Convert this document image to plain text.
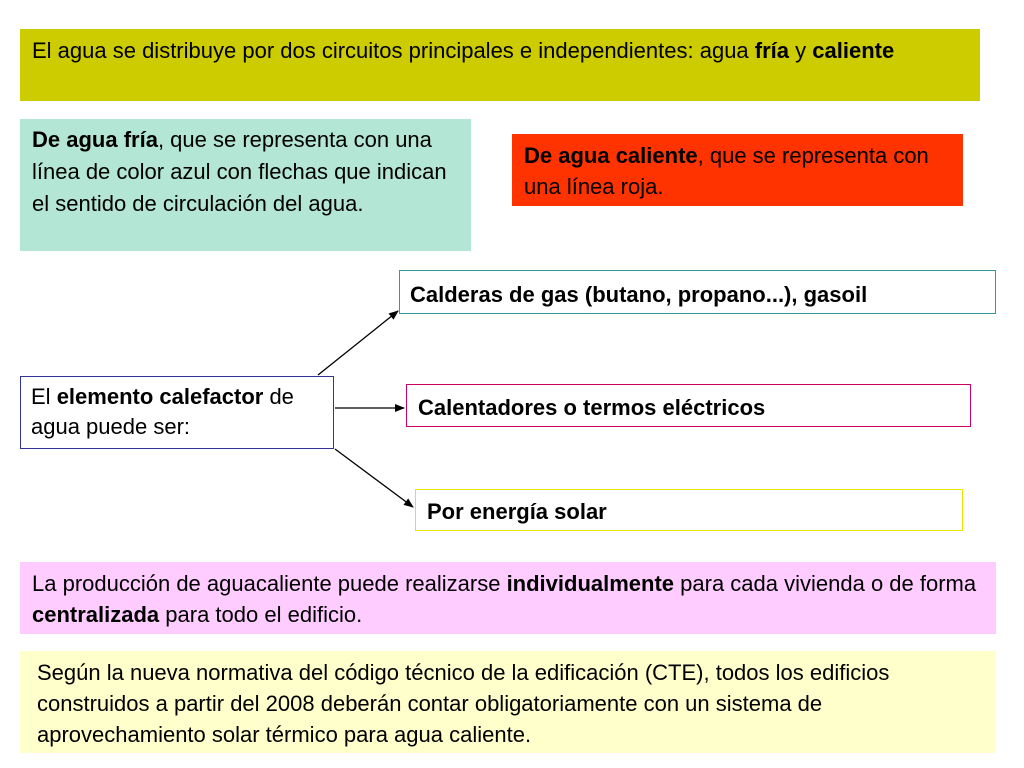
El agua se distribuye por dos circuitos principales e independientes: agua fría y caliente
De agua fría, que se representa con una línea de color azul con flechas que indican el sentido de circulación del agua.
De agua caliente, que se representa con una línea roja.
El elemento calefactor de agua puede ser:
Calderas de gas (butano, propano...), gasoil
Calentadores o termos eléctricos
Por energía solar
La producción de aguacaliente puede realizarse individualmente para cada vivienda o de forma centralizada para todo el edificio.
Según la nueva normativa del código técnico de la edificación (CTE), todos los edificios construidos a partir del 2008 deberán contar obligatoriamente con un sistema de aprovechamiento solar térmico para agua caliente.
